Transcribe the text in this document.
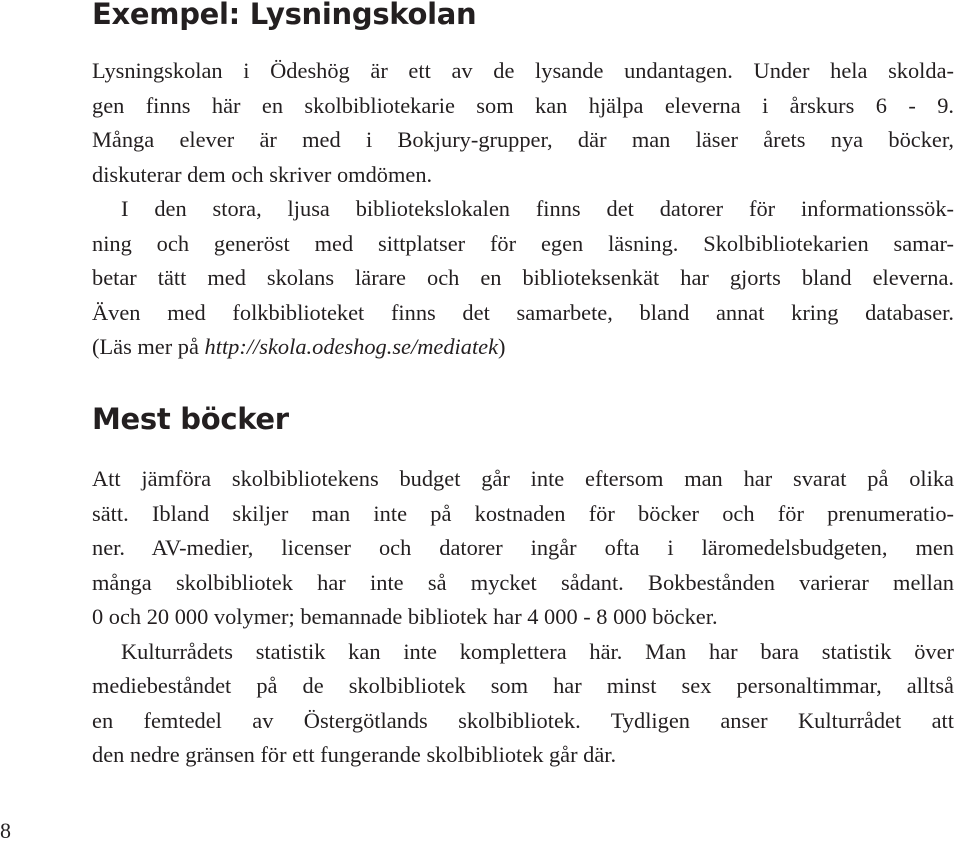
Exempel: Lysningskolan

Lysningskolan i Ödeshög är ett av de lysande undantagen. Under hela skolda-
gen finns här en skolbibliotekarie som kan hjälpa eleverna i årskurs 6 - 9.
Många elever är med i Bokjury-grupper, där man läser årets nya böcker,
diskuterar dem och skriver omdömen.
I den stora, ljusa bibliotekslokalen finns det datorer för informationssök-
ning och generöst med sittplatser för egen läsning. Skolbibliotekarien samar-
betar tätt med skolans lärare och en biblioteksenkät har gjorts bland eleverna.
Även med folkbiblioteket finns det samarbete, bland annat kring databaser.
(Läs mer på http://skola.odeshog.se/mediatek)

Mest böcker

Att jämföra skolbibliotekens budget går inte eftersom man har svarat på olika
sätt. Ibland skiljer man inte på kostnaden för böcker och för prenumeratio-
ner. AV-medier, licenser och datorer ingår ofta i läromedelsbudgeten, men
många skolbibliotek har inte så mycket sådant. Bokbestånden varierar mellan
0 och 20 000 volymer; bemannade bibliotek har 4 000 - 8 000 böcker.
Kulturrådets statistik kan inte komplettera här. Man har bara statistik över
mediebeståndet på de skolbibliotek som har minst sex personaltimmar, alltså
en femtedel av Östergötlands skolbibliotek. Tydligen anser Kulturrådet att
den nedre gränsen för ett fungerande skolbibliotek går där.

8
